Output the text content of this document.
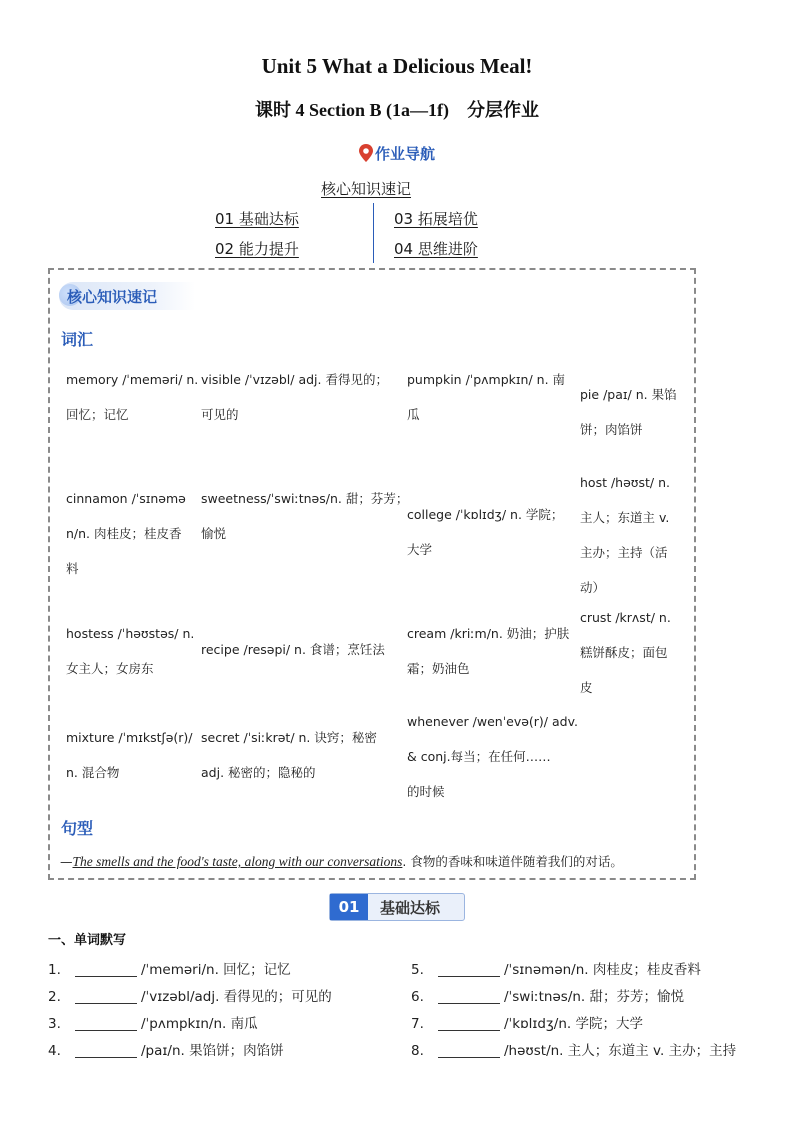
Unit 5 What a Delicious Meal!
课时 4 Section B (1a—1f) 分层作业
作业导航
核心知识速记
01 基础达标
02 能力提升
03 拓展培优
04 思维进阶
核心知识速记
词汇
memory /ˈmeməri/ n.
回忆；记忆
visible /ˈvɪzəbl/ adj. 看得见的；
可见的
pumpkin /ˈpʌmpkɪn/ n. 南
瓜
pie /paɪ/ n. 果馅
饼；肉馅饼
cinnamon /ˈsɪnəmə
n/n. 肉桂皮；桂皮香
料
sweetness/ˈswiːtnəs/n. 甜；芬芳；
愉悦
college /ˈkɒlɪdʒ/ n. 学院；
大学
host /həʊst/ n.
主人；东道主 v.
主办；主持（活
动）
hostess /ˈhəʊstəs/ n.
女主人；女房东
recipe /resəpi/ n. 食谱；烹饪法
cream /kriːm/n. 奶油；护肤
霜；奶油色
crust /krʌst/ n.
糕饼酥皮；面包
皮
mixture /ˈmɪkstʃə(r)/
n. 混合物
secret /ˈsiːkrət/ n. 诀窍；秘密
adj. 秘密的；隐秘的
whenever /wenˈevə(r)/ adv.
& conj.每当；在任何……
的时候
句型
—The smells and the food's taste, along with our conversations. 食物的香味和味道伴随着我们的对话。
01	基础达标
一、单词默写
1.	/ˈmeməri/n. 回忆；记忆
2.	/ˈvɪzəbl/adj. 看得见的；可见的
3.	/ˈpʌmpkɪn/n. 南瓜
4.	/paɪ/n. 果馅饼；肉馅饼
5.	/ˈsɪnəmən/n. 肉桂皮；桂皮香料
6.	/ˈswiːtnəs/n. 甜；芬芳；愉悦
7.	/ˈkɒlɪdʒ/n. 学院；大学
8.	/həʊst/n. 主人；东道主 v. 主办；主持
